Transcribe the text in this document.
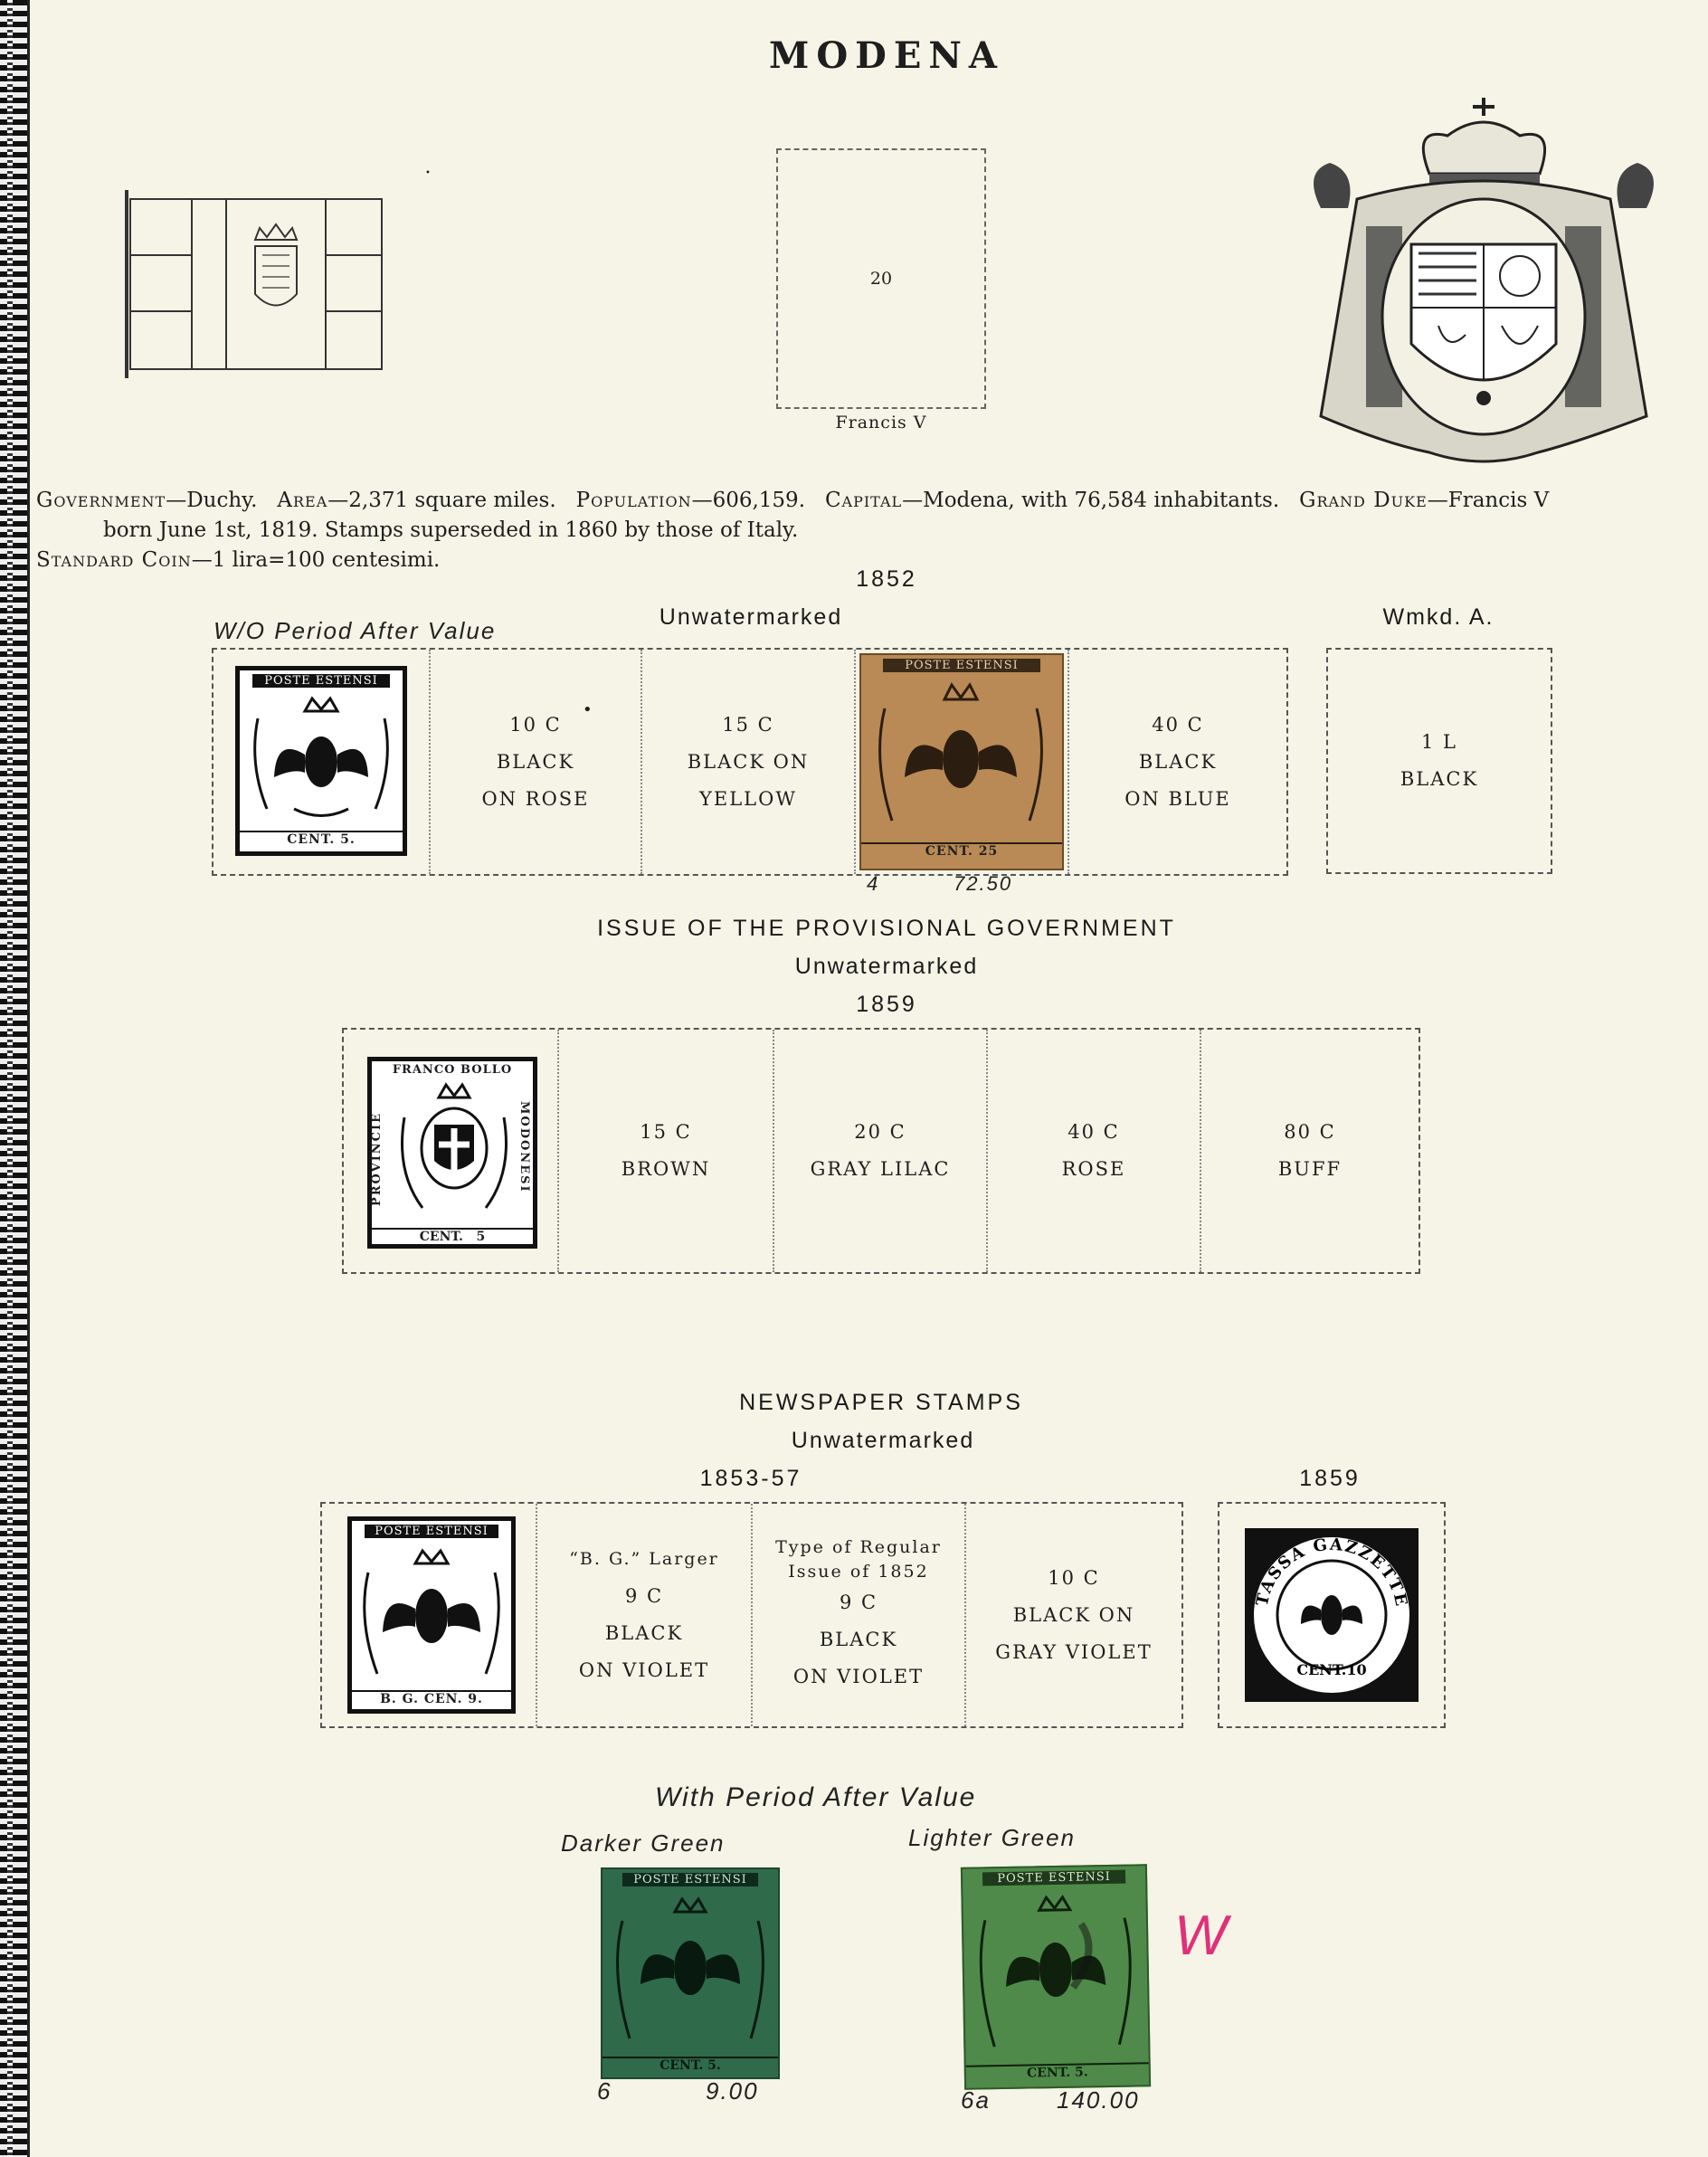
MODENA
•
20
Francis V
Government—Duchy. Area—2,371 square miles. Population—606,159. Capital—Modena, with 76,584 inhabitants. Grand Duke—Francis V
born June 1st, 1819. Stamps superseded in 1860 by those of Italy.
Standard Coin—1 lira=100 centesimi.
1852
Unwatermarked	Wmkd. A.
W/O Period After Value
POSTE ESTENSI
CENT. 5.
10 C
BLACK
ON ROSE
15 C
BLACK ON
YELLOW
POSTE ESTENSI
CENT. 25
40 C
BLACK
ON BLUE
•
1 L
BLACK
4	72.50
ISSUE OF THE PROVISIONAL GOVERNMENT
Unwatermarked
1859
FRANCO BOLLO
PROVINCIE	MODONESI
CENT.   5
15 C
BROWN
20 C
GRAY LILAC
40 C
ROSE
80 C
BUFF
NEWSPAPER STAMPS
Unwatermarked
1853-57	1859
POSTE ESTENSI
B. G. CEN. 9.
“B. G.” Larger
9 C
BLACK
ON VIOLET
Type of Regular
Issue of 1852
9 C
BLACK
ON VIOLET
10 C
BLACK ON
GRAY VIOLET
TASSA GAZZETTE
CENT.10
With Period After Value
Darker Green	Lighter Green
POSTE ESTENSI
CENT. 5.
POSTE ESTENSI
CENT. 5.
W
6	9.00	6a	140.00
